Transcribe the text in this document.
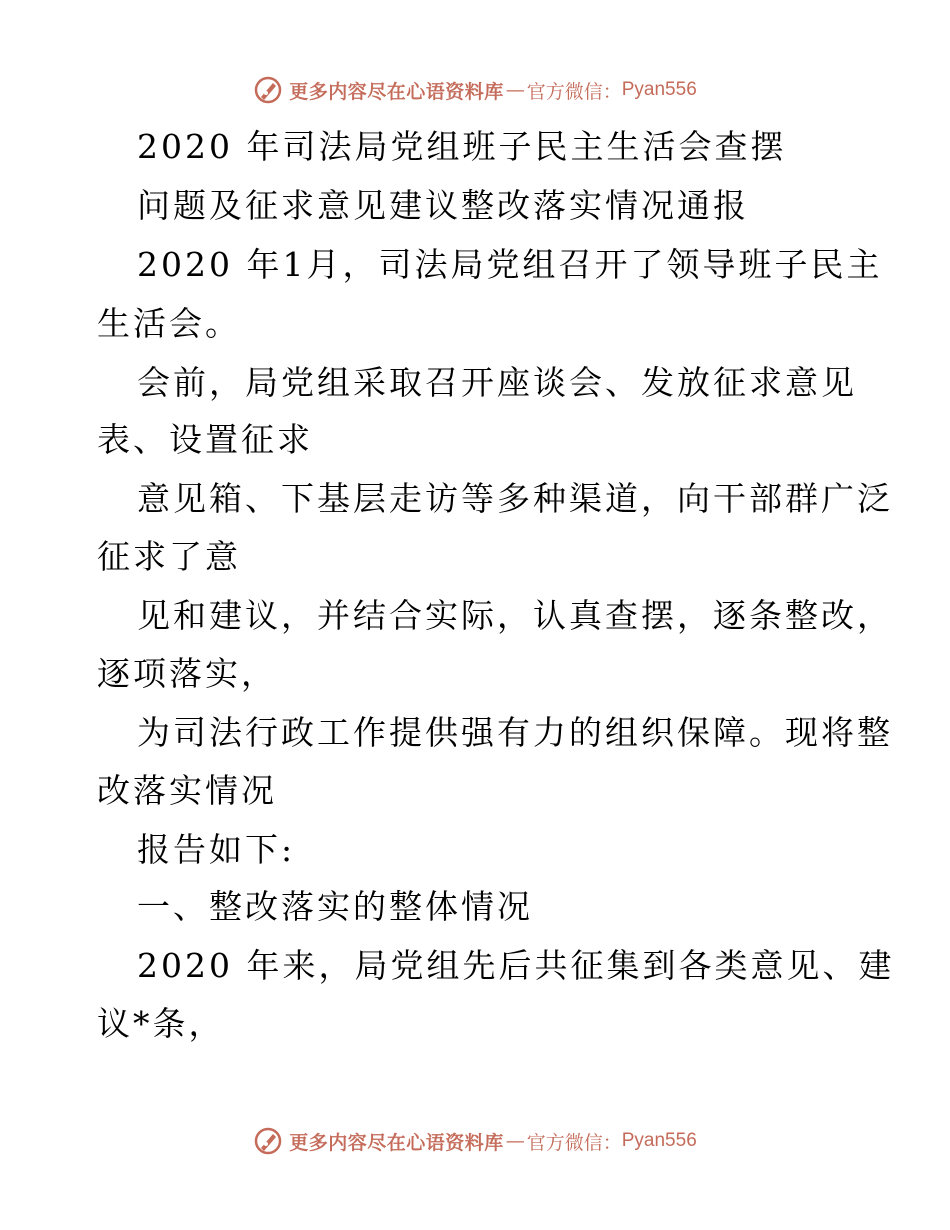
更多内容尽在心语资料库 — 官方微信： Pyan556
2020 年司法局党组班子民主生活会查摆
问题及征求意见建议整改落实情况通报
2020 年1月，司法局党组召开了领导班子民主
生活会。
会前，局党组采取召开座谈会、发放征求意见
表、设置征求
意见箱、下基层走访等多种渠道，向干部群广泛
征求了意
见和建议，并结合实际，认真查摆，逐条整改，
逐项落实，
为司法行政工作提供强有力的组织保障。现将整
改落实情况
报告如下:
一、整改落实的整体情况
2020 年来，局党组先后共征集到各类意见、建
议*条，
更多内容尽在心语资料库 — 官方微信： Pyan556
